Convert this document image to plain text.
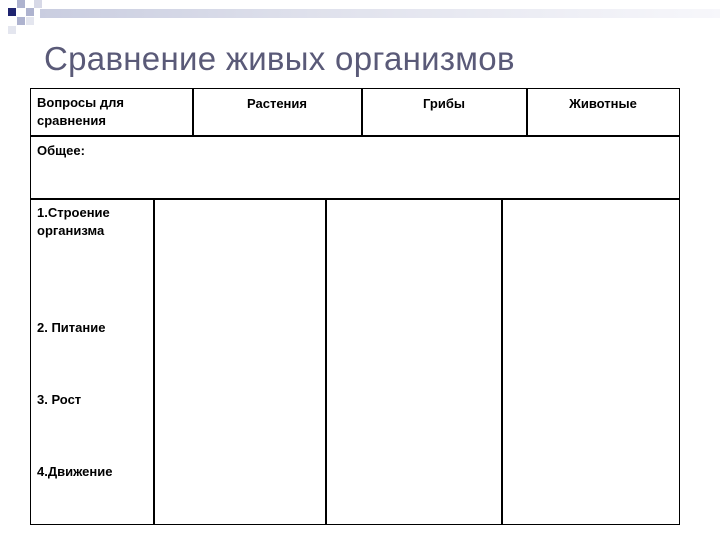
Сравнение живых организмов
Вопросы для сравнения
Растения	Грибы	Животные
Общее:
1.Строение организма
2. Питание
3. Рост
4.Движение
